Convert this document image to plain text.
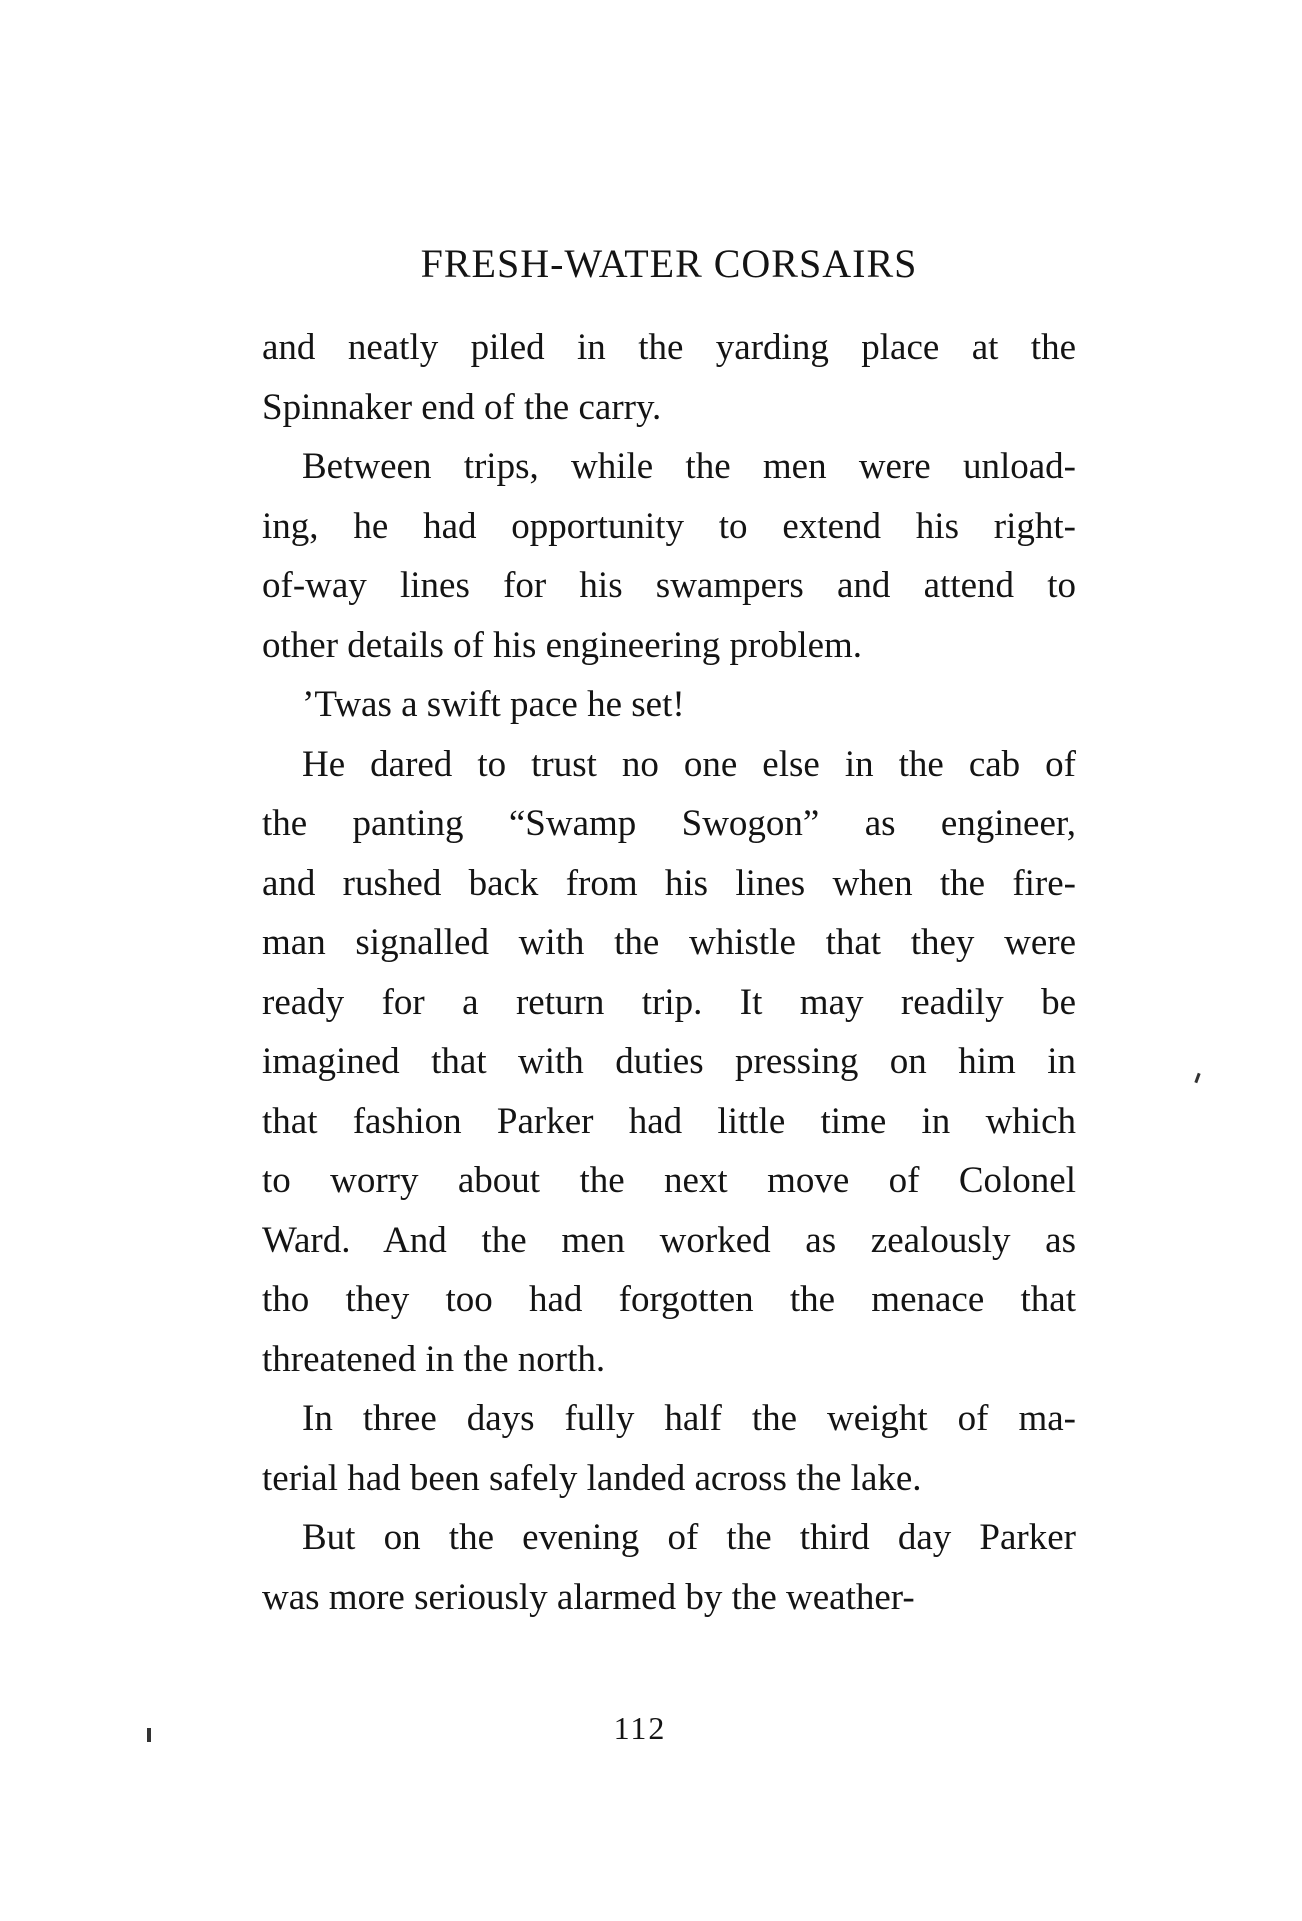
FRESH-WATER CORSAIRS
and neatly piled in the yarding place at the
Spinnaker end of the carry.
Between trips, while the men were unload-
ing, he had opportunity to extend his right-
of-way lines for his swampers and attend to
other details of his engineering problem.
’Twas a swift pace he set!
He dared to trust no one else in the cab of
the panting “Swamp Swogon” as engineer,
and rushed back from his lines when the fire-
man signalled with the whistle that they were
ready for a return trip. It may readily be
imagined that with duties pressing on him in
that fashion Parker had little time in which
to worry about the next move of Colonel
Ward. And the men worked as zealously as
tho they too had forgotten the menace that
threatened in the north.
In three days fully half the weight of ma-
terial had been safely landed across the lake.
But on the evening of the third day Parker
was more seriously alarmed by the weather-
112
